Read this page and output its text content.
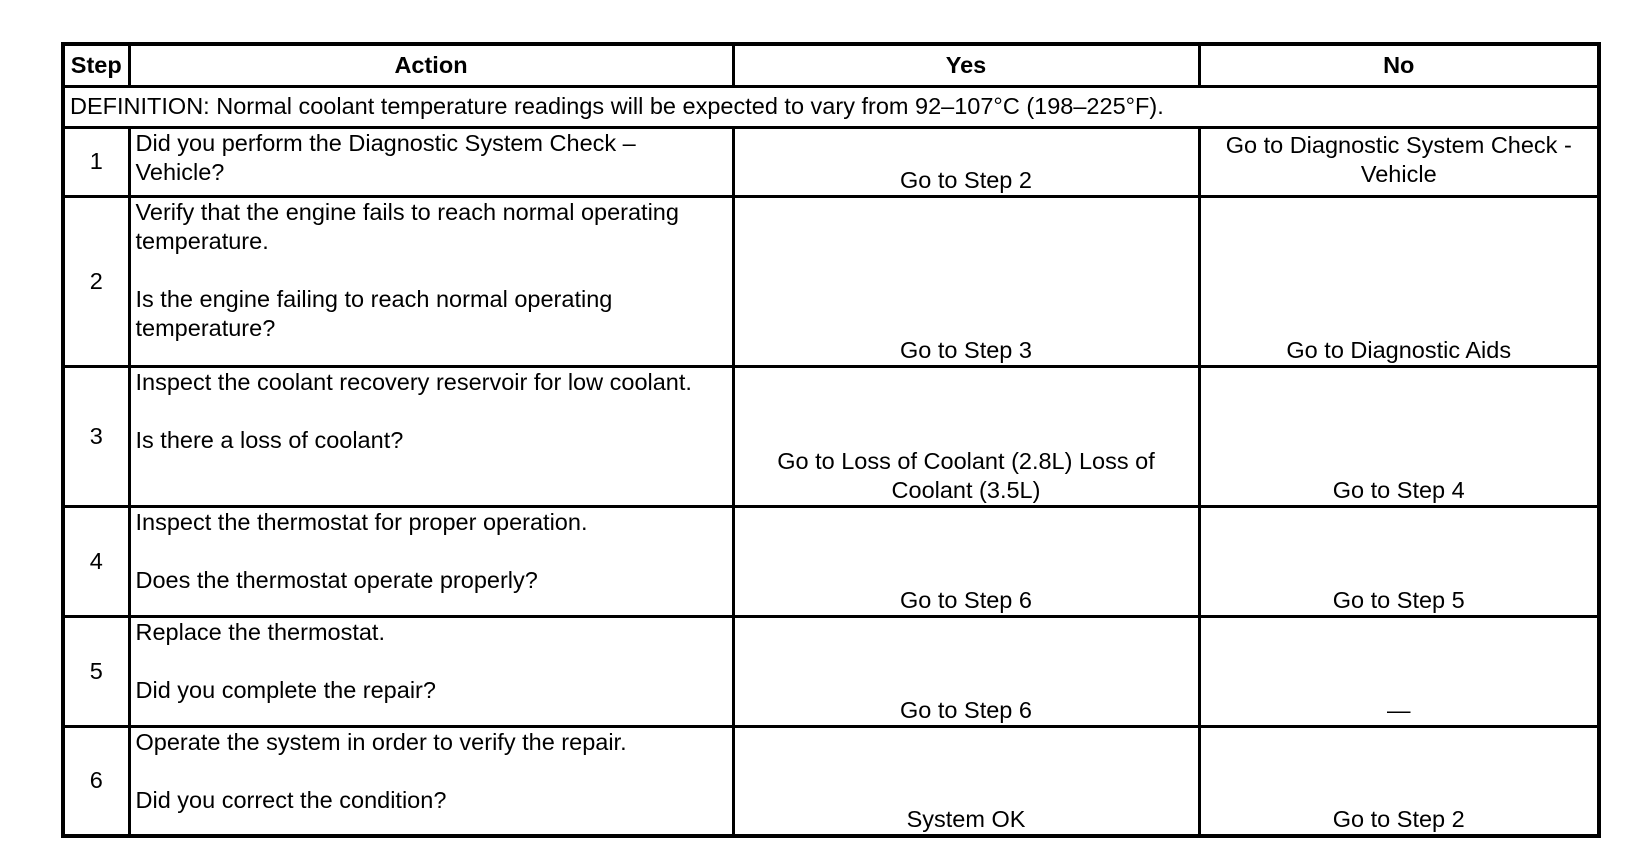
Step	Action	Yes	No
DEFINITION: Normal coolant temperature readings will be expected to vary from 92–107°C (198–225°F).			
1	Did you perform the Diagnostic System Check – Vehicle?	Go to Step 2	Go to Diagnostic System Check - Vehicle
2	Verify that the engine fails to reach normal operating temperature.
Is the engine failing to reach normal operating temperature?	Go to Step 3	Go to Diagnostic Aids
3	Inspect the coolant recovery reservoir for low coolant.
Is there a loss of coolant?	Go to Loss of Coolant (2.8L) Loss of Coolant (3.5L)	Go to Step 4
4	Inspect the thermostat for proper operation.
Does the thermostat operate properly?	Go to Step 6	Go to Step 5
5	Replace the thermostat.
Did you complete the repair?	Go to Step 6	—
6	Operate the system in order to verify the repair.
Did you correct the condition?	System OK	Go to Step 2
